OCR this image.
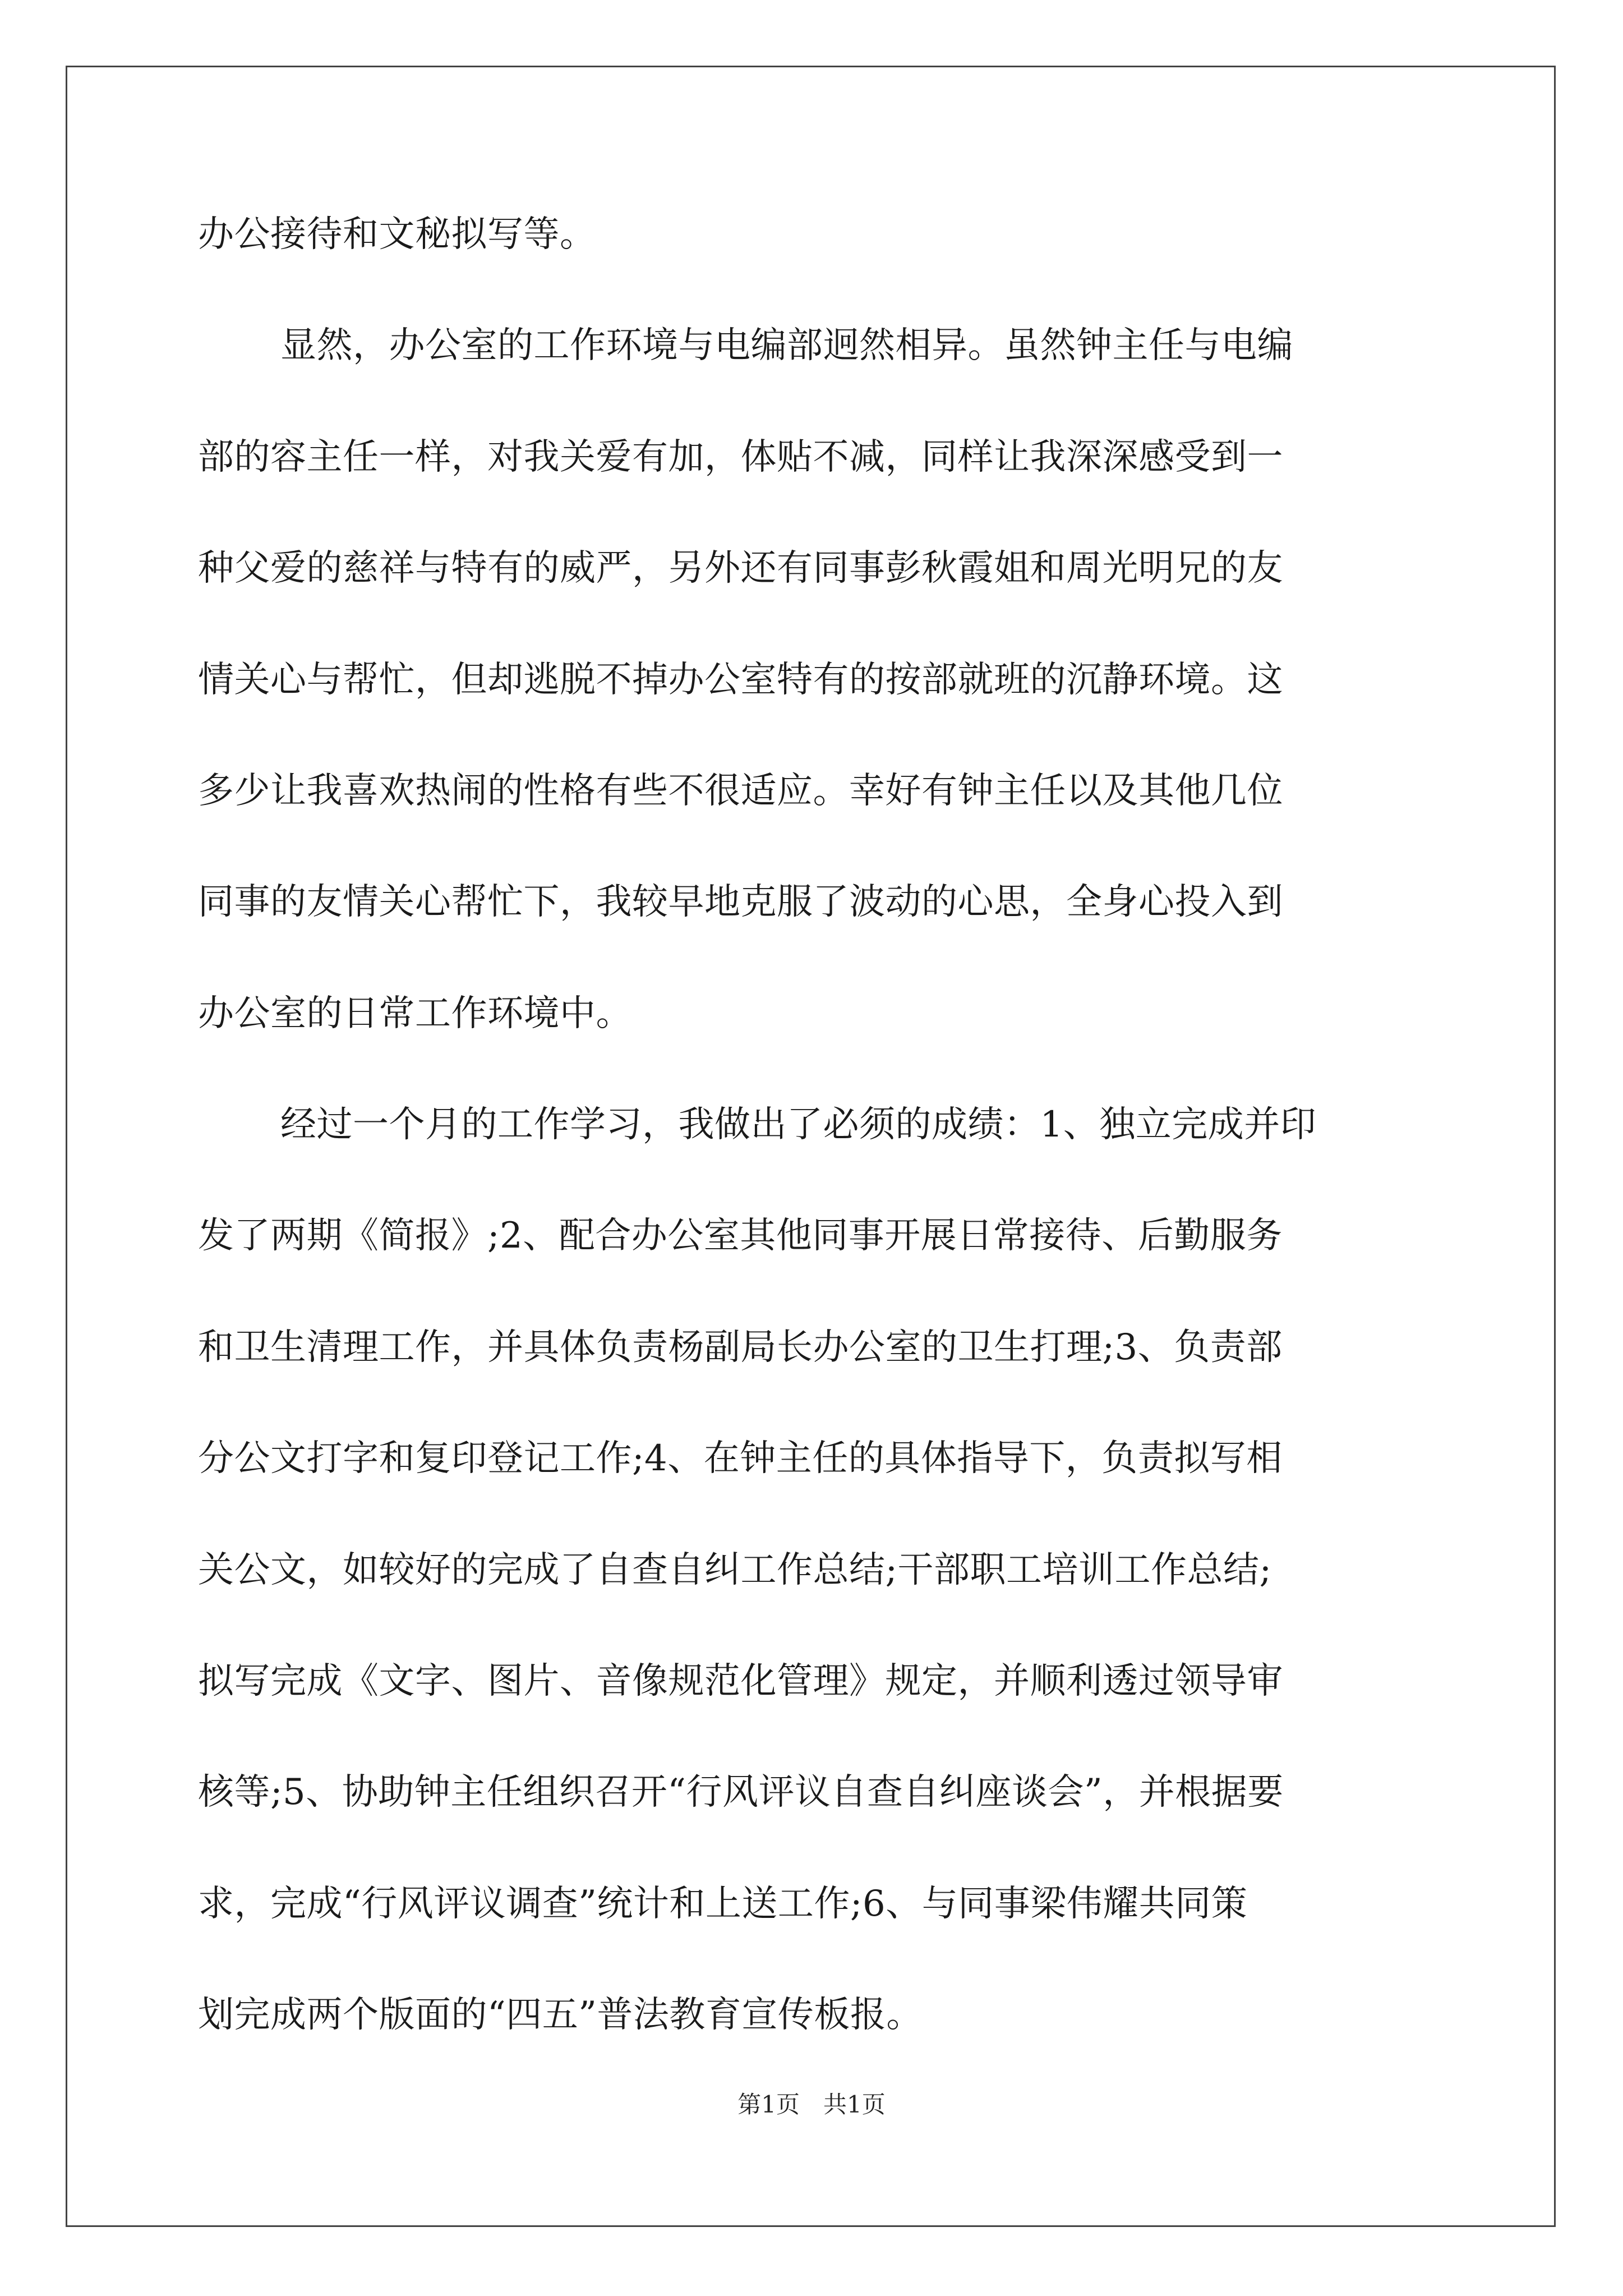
办公接待和文秘拟写等。
显然，办公室的工作环境与电编部迥然相异。虽然钟主任与电编
部的容主任一样，对我关爱有加，体贴不减，同样让我深深感受到一
种父爱的慈祥与特有的威严，另外还有同事彭秋霞姐和周光明兄的友
情关心与帮忙，但却逃脱不掉办公室特有的按部就班的沉静环境。这
多少让我喜欢热闹的性格有些不很适应。幸好有钟主任以及其他几位
同事的友情关心帮忙下，我较早地克服了波动的心思，全身心投入到
办公室的日常工作环境中。
经过一个月的工作学习，我做出了必须的成绩：1、独立完成并印
发了两期《简报》;2、配合办公室其他同事开展日常接待、后勤服务
和卫生清理工作，并具体负责杨副局长办公室的卫生打理;3、负责部
分公文打字和复印登记工作;4、在钟主任的具体指导下，负责拟写相
关公文，如较好的完成了自查自纠工作总结;干部职工培训工作总结;
拟写完成《文字、图片、音像规范化管理》规定，并顺利透过领导审
核等;5、协助钟主任组织召开“行风评议自查自纠座谈会”，并根据要
求，完成“行风评议调查”统计和上送工作;6、与同事梁伟耀共同策
划完成两个版面的“四五”普法教育宣传板报。
第1页　共1页
